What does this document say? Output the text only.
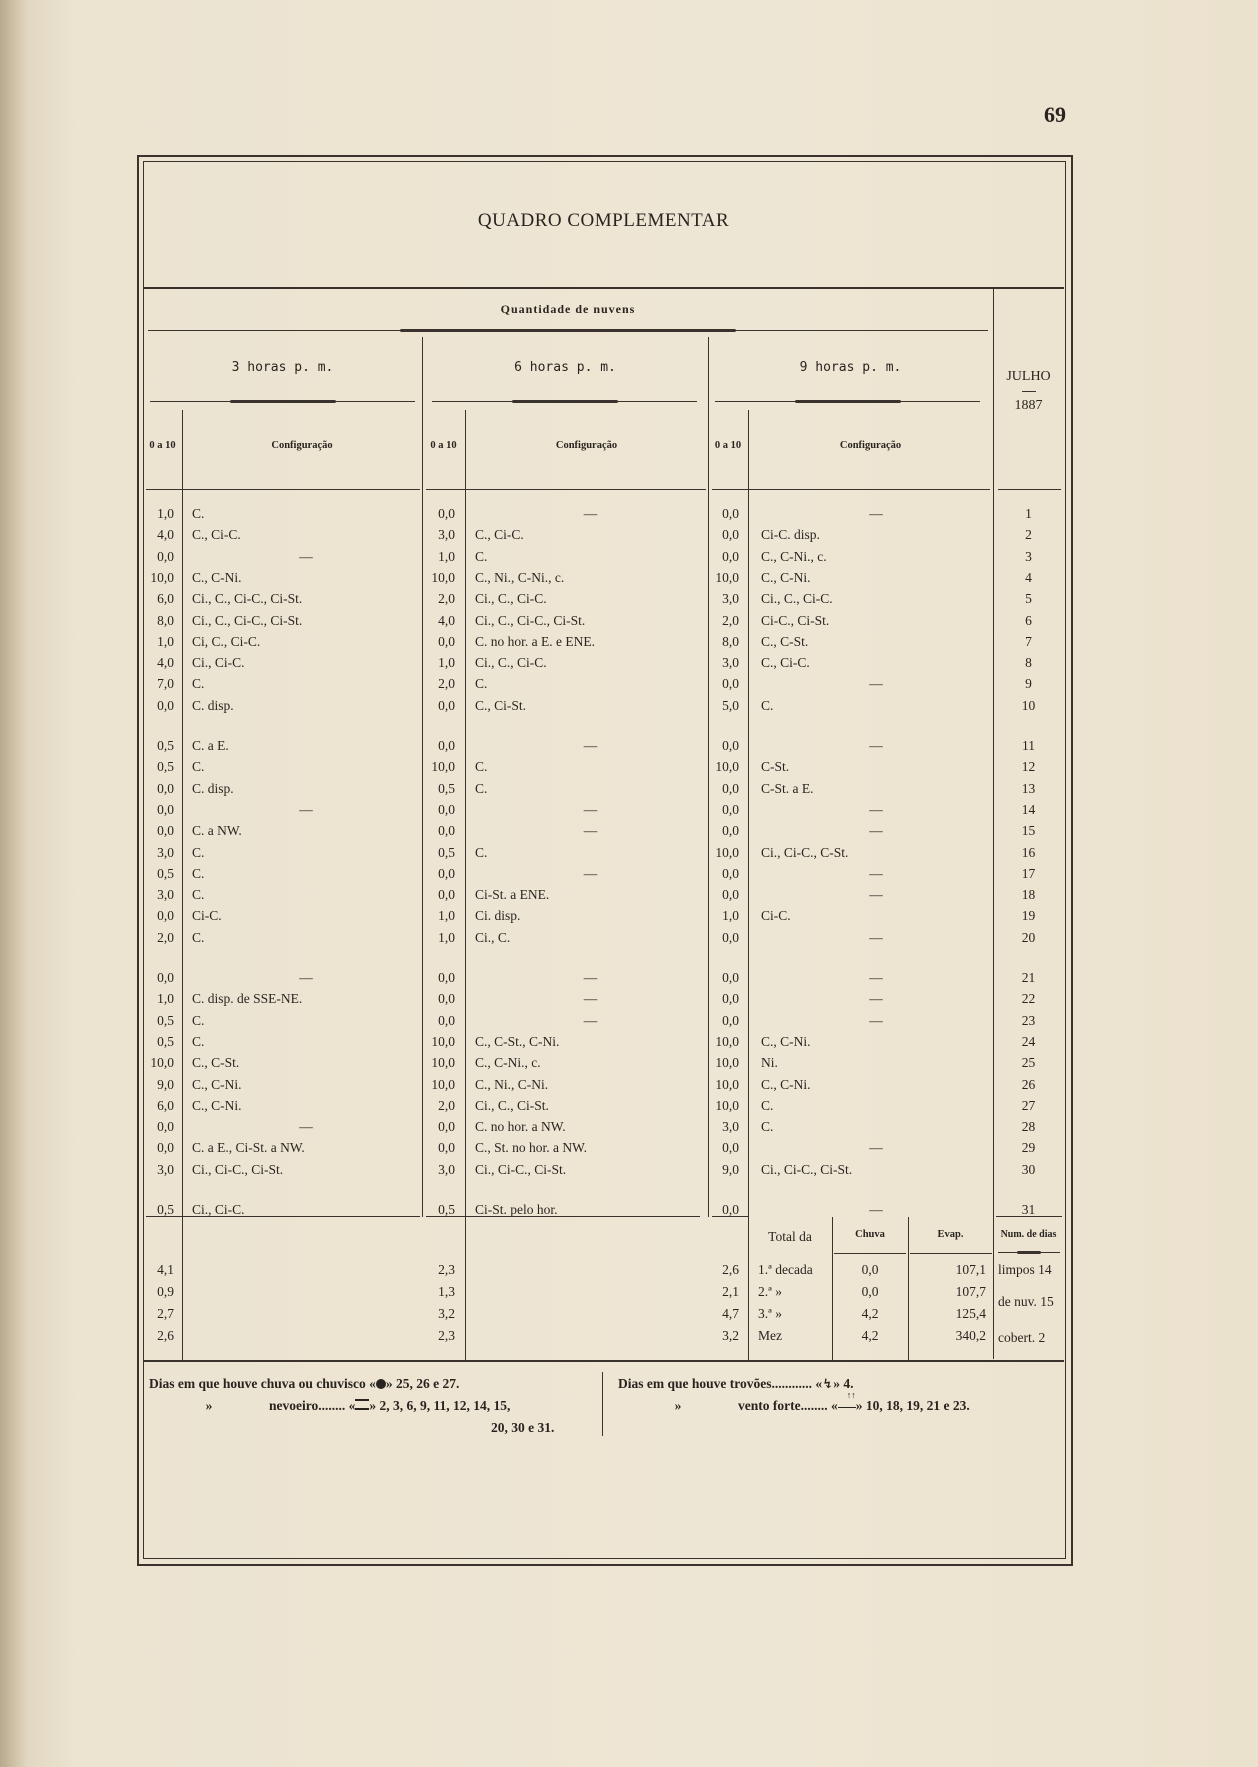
69
QUADRO COMPLEMENTAR
Quantidade de nuvens
3 horas p. m.	6 horas p. m.	9 horas p. m.
JULHO
1887
0 a 10	Configuração	0 a 10	Configuração	0 a 10	Configuração
1,0 C.	0,0	—	0,0	—	1
4,0 C., Ci-C.	3,0 C., Ci-C.	0,0 Ci-C. disp.	2
0,0	—	1,0 C.	0,0 C., C-Ni., c.	3
10,0 C., C-Ni.	10,0 C., Ni., C-Ni., c.	10,0 C., C-Ni.	4
6,0 Ci., C., Ci-C., Ci-St.	2,0 Ci., C., Ci-C.	3,0 Ci., C., Ci-C.	5
8,0 Ci., C., Ci-C., Ci-St.	4,0 Ci., C., Ci-C., Ci-St.	2,0 Ci-C., Ci-St.	6
1,0 Ci, C., Ci-C.	0,0 C. no hor. a E. e ENE.	8,0 C., C-St.	7
4,0 Ci., Ci-C.	1,0 Ci., C., Ci-C.	3,0 C., Ci-C.	8
7,0 C.	2,0 C.	0,0	—	9
0,0 C. disp.	0,0 C., Ci-St.	5,0 C.	10
0,5 C. a E.	0,0	—	0,0	—	11
0,5 C.	10,0 C.	10,0 C-St.	12
0,0 C. disp.	0,5 C.	0,0 C-St. a E.	13
0,0	—	0,0	—	0,0	—	14
0,0 C. a NW.	0,0	—	0,0	—	15
3,0 C.	0,5 C.	10,0 Ci., Ci-C., C-St.	16
0,5 C.	0,0	—	0,0	—	17
3,0 C.	0,0 Ci-St. a ENE.	0,0	—	18
0,0 Ci-C.	1,0 Ci. disp.	1,0 Ci-C.	19
2,0 C.	1,0 Ci., C.	0,0	—	20
0,0	—	0,0	—	0,0	—	21
1,0 C. disp. de SSE-NE.	0,0	—	0,0	—	22
0,5 C.	0,0	—	0,0	—	23
0,5 C.	10,0 C., C-St., C-Ni.	10,0 C., C-Ni.	24
10,0 C., C-St.	10,0 C., C-Ni., c.	10,0 Ni.	25
9,0 C., C-Ni.	10,0 C., Ni., C-Ni.	10,0 C., C-Ni.	26
6,0 C., C-Ni.	2,0 Ci., C., Ci-St.	10,0 C.	27
0,0	—	0,0 C. no hor. a NW.	3,0 C.	28
0,0 C. a E., Ci-St. a NW.	0,0 C., St. no hor. a NW.	0,0	—	29
3,0 Ci., Ci-C., Ci-St.	3,0 Ci., Ci-C., Ci-St.	9,0 Ci., Ci-C., Ci-St.	30
0,5 Ci., Ci-C.	0,5 Ci-St. pelo hor.	0,0	—	31
Total da	Chuva	Evap.	Num. de dias
4,1	2,3	2,6 1.ª decada	0,0	107,1
0,9	1,3	2,1 2.ª »	0,0	107,7
2,7	3,2	4,7 3.ª »	4,2	125,4
2,6	2,3	3,2 Mez	4,2	340,2
limpos 14
de nuv. 15
cobert. 2
Dias em que houve chuva ou chuvisco « » 25, 26 e 27.
»	nevoeiro........ « » 2, 3, 6, 9, 11, 12, 14, 15,
20, 30 e 31.
Dias em que houve trovões............ «↯» 4.
»	vento forte........ «↑↑ » 10, 18, 19, 21 e 23.
